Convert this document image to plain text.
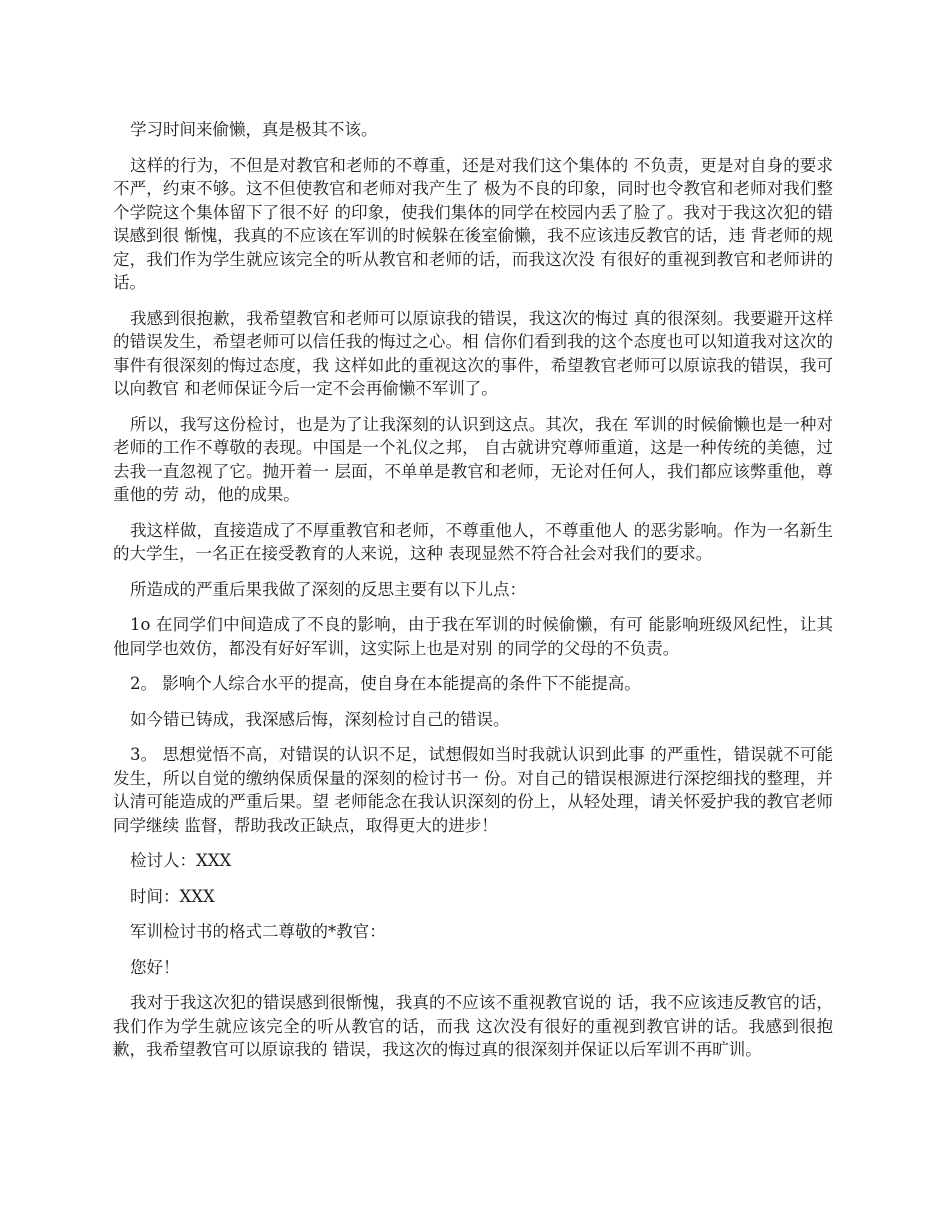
学习时间来偷懒，真是极其不该。

这样的行为，不但是对教官和老师的不尊重，还是对我们这个集体的 不负责，更是对自身的要求不严，约束不够。这不但使教官和老师对我产生了 极为不良的印象，同时也令教官和老师对我们整个学院这个集体留下了很不好 的印象，使我们集体的同学在校园内丢了脸了。我对于我这次犯的错误感到很 惭愧，我真的不应该在军训的时候躲在後室偷懒，我不应该违反教官的话，违 背老师的规定，我们作为学生就应该完全的听从教官和老师的话，而我这次没 有很好的重视到教官和老师讲的话。

我感到很抱歉，我希望教官和老师可以原谅我的错误，我这次的悔过 真的很深刻。我要避开这样的错误发生，希望老师可以信任我的悔过之心。相 信你们看到我的这个态度也可以知道我对这次的事件有很深刻的悔过态度，我 这样如此的重视这次的事件，希望教官老师可以原谅我的错误，我可以向教官 和老师保证今后一定不会再偷懒不军训了。

所以，我写这份检讨，也是为了让我深刻的认识到这点。其次，我在 军训的时候偷懒也是一种对老师的工作不尊敬的表现。中国是一个礼仪之邦， 自古就讲究尊师重道，这是一种传统的美德，过去我一直忽视了它。抛开着一 层面，不单单是教官和老师，无论对任何人，我们都应该弊重他，尊重他的劳 动，他的成果。

我这样做，直接造成了不厚重教官和老师，不尊重他人，不尊重他人 的恶劣影响。作为一名新生的大学生，一名正在接受教育的人来说，这种 表现显然不符合社会对我们的要求。

所造成的严重后果我做了深刻的反思主要有以下儿点：

1o 在同学们中间造成了不良的影响，由于我在军训的时候偷懒，有可 能影响班级风纪性，让其他同学也效仿，都没有好好军训，这实际上也是对别 的同学的父母的不负责。

2。 影响个人综合水平的提高，使自身在本能提高的条件下不能提高。

如今错已铸成，我深感后悔，深刻检讨自己的错误。

3。 思想觉悟不高，对错误的认识不足，试想假如当时我就认识到此事 的严重性，错误就不可能发生，所以自觉的缴纳保质保量的深刻的检讨书一 份。对自己的错误根源进行深挖细找的整理，并认清可能造成的严重后果。望 老师能念在我认识深刻的份上，从轻处理，请关怀爱护我的教官老师同学继续 监督，帮助我改正缺点，取得更大的进步！

检讨人：XXX

时间：XXX

军训检讨书的格式二尊敬的*教官：

您好！

我对于我这次犯的错误感到很惭愧，我真的不应该不重视教官说的 话，我不应该违反教官的话，我们作为学生就应该完全的听从教官的话，而我 这次没有很好的重视到教官讲的话。我感到很抱歉，我希望教官可以原谅我的 错误，我这次的悔过真的很深刻并保证以后军训不再旷训。
